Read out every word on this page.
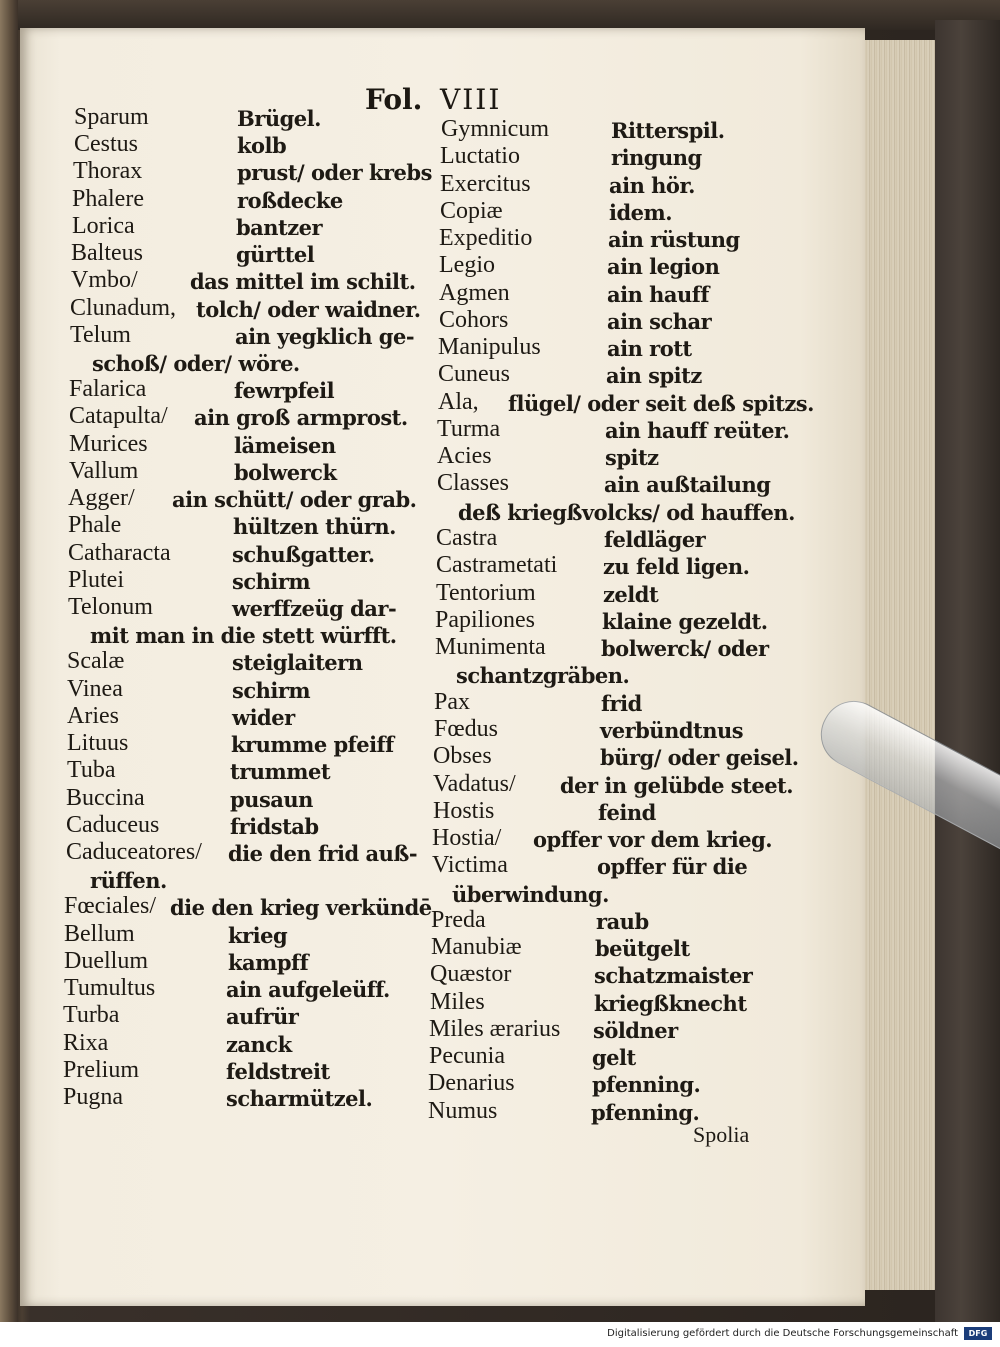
Fol. VIII
Sparum	Brügel.
Cestus	kolb
Thorax	prust/ oder krebs
Phalere	roßdecke
Lorica	bantzer
Balteus	gürttel
Vmbo/ das mittel im schilt.
Clunadum, tolch/ oder waidner.
Telum	ain yegklich ge-
schoß/ oder/ wöre.
Falarica	fewrpfeil
Catapulta/ ain groß armprost.
Murices	lämeisen
Vallum	bolwerck
Agger/ ain schütt/ oder grab.
Phale	hültzen thürn.
Catharacta	schußgatter.
Plutei	schirm
Telonum	werffzeüg dar-
mit man in die stett würfft.
Scalæ	steiglaitern
Vinea	schirm
Aries	wider
Lituus	krumme pfeiff
Tuba	trummet
Buccina	pusaun
Caduceus	fridstab
Caduceatores/ die den frid auß-
rüffen.
Fœciales/ die den krieg verkündē
Bellum	krieg
Duellum	kampff
Tumultus	ain aufgeleüff.
Turba	aufrür
Rixa	zanck
Prelium	feldstreit
Pugna	scharmützel.
Gymnicum	Ritterspil.
Luctatio	ringung
Exercitus	ain hör.
Copiæ	idem.
Expeditio	ain rüstung
Legio	ain legion
Agmen	ain hauff
Cohors	ain schar
Manipulus	ain rott
Cuneus	ain spitz
Ala, flügel/ oder seit deß spitzs.
Turma	ain hauff reüter.
Acies	spitz
Classes	ain außtailung
deß kriegßvolcks/ od hauffen.
Castra	feldläger
Castrametati zu feld ligen.
Tentorium	zeldt
Papiliones	klaine gezeldt.
Munimenta	bolwerck/ oder
schantzgräben.
Pax	frid
Fœdus	verbündtnus
Obses	bürg/ oder geisel.
Vadatus/ der in gelübde steet.
Hostis	feind
Hostia/ opffer vor dem krieg.
Victima	opffer für die
überwindung.
Preda	raub
Manubiæ	beütgelt
Quæstor	schatzmaister
Miles	kriegßknecht
Miles ærarius söldner
Pecunia	gelt
Denarius	pfenning.
Numus	pfenning.
Spolia
Digitalisierung gefördert durch die Deutsche Forschungsgemeinschaft	DFG
